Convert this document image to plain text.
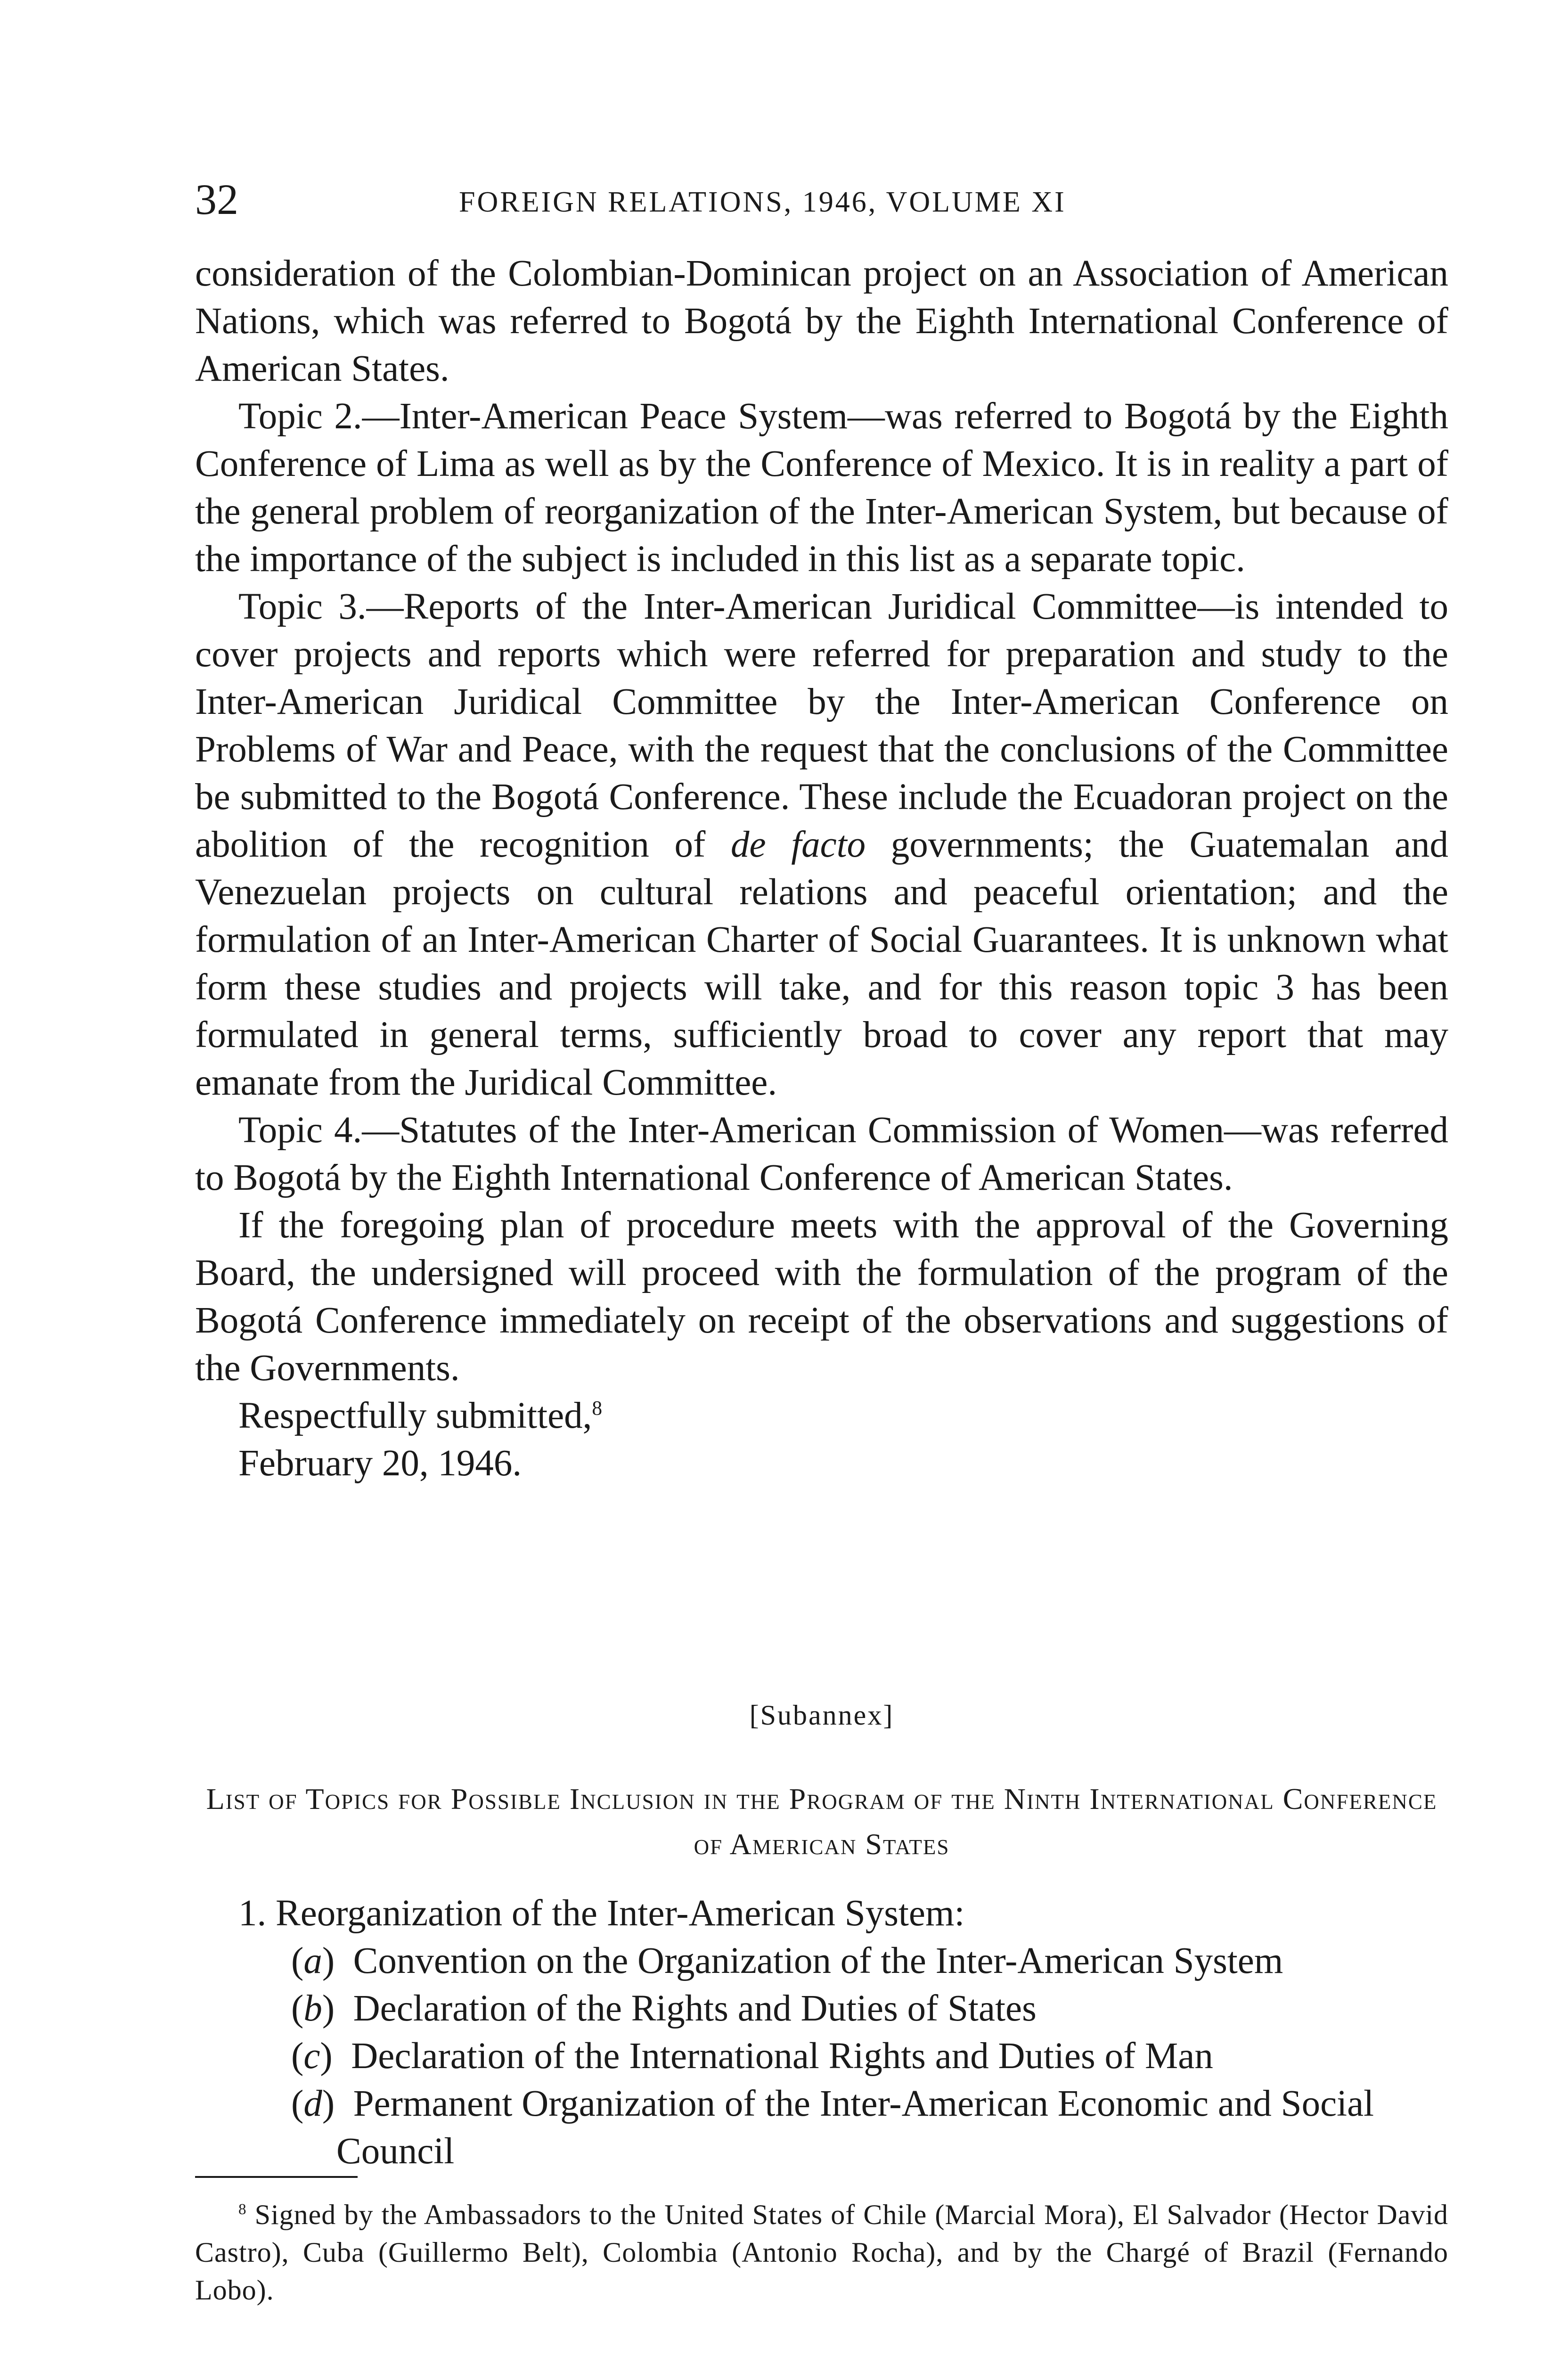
32	FOREIGN RELATIONS, 1946, VOLUME XI

consideration of the Colombian-Dominican project on an Association of American Nations, which was referred to Bogotá by the Eighth International Conference of American States.

Topic 2.—Inter-American Peace System—was referred to Bogotá by the Eighth Conference of Lima as well as by the Conference of Mexico. It is in reality a part of the general problem of reorganization of the Inter-American System, but because of the importance of the subject is included in this list as a separate topic.

Topic 3.—Reports of the Inter-American Juridical Committee—is intended to cover projects and reports which were referred for preparation and study to the Inter-American Juridical Committee by the Inter-American Conference on Problems of War and Peace, with the request that the conclusions of the Committee be submitted to the Bogotá Conference. These include the Ecuadoran project on the abolition of the recognition of de facto governments; the Guatemalan and Venezuelan projects on cultural relations and peaceful orientation; and the formulation of an Inter-American Charter of Social Guarantees. It is unknown what form these studies and projects will take, and for this reason topic 3 has been formulated in general terms, sufficiently broad to cover any report that may emanate from the Juridical Committee.

Topic 4.—Statutes of the Inter-American Commission of Women—was referred to Bogotá by the Eighth International Conference of American States.

If the foregoing plan of procedure meets with the approval of the Governing Board, the undersigned will proceed with the formulation of the program of the Bogotá Conference immediately on receipt of the observations and suggestions of the Governments.

Respectfully submitted,$^8$

February 20, 1946.

[Subannex]
List of Topics for Possible Inclusion in the Program of the Ninth International Conference of American States

1. Reorganization of the Inter-American System:

(a)  Convention on the Organization of the Inter-American System

(b)  Declaration of the Rights and Duties of States

(c)  Declaration of the International Rights and Duties of Man

(d)  Permanent Organization of the Inter-American Economic and Social Council

$^8$ Signed by the Ambassadors to the United States of Chile (Marcial Mora), El Salvador (Hector David Castro), Cuba (Guillermo Belt), Colombia (Antonio Rocha), and by the Chargé of Brazil (Fernando Lobo).
